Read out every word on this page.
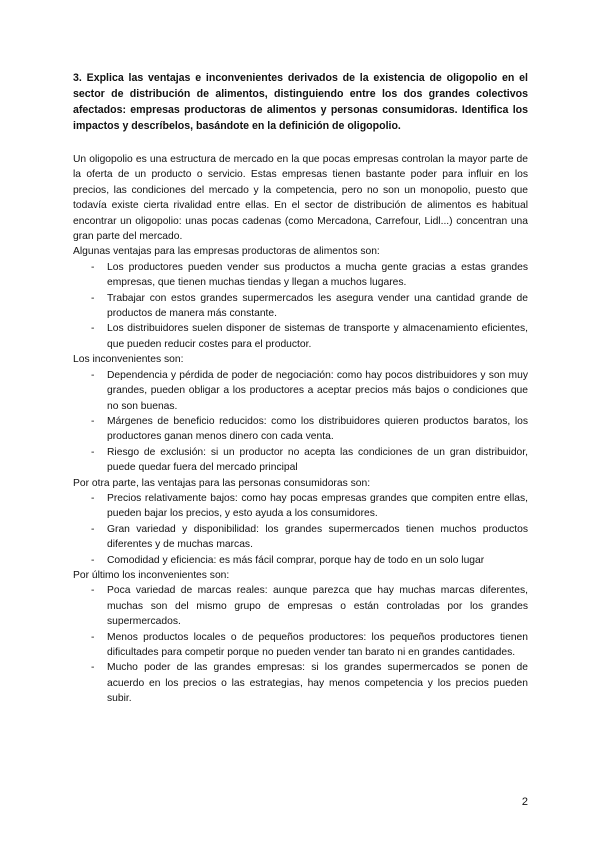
3. Explica las ventajas e inconvenientes derivados de la existencia de oligopolio en el sector de distribución de alimentos, distinguiendo entre los dos grandes colectivos afectados: empresas productoras de alimentos y personas consumidoras. Identifica los impactos y descríbelos, basándote en la definición de oligopolio.

Un oligopolio es una estructura de mercado en la que pocas empresas controlan la mayor parte de la oferta de un producto o servicio. Estas empresas tienen bastante poder para influir en los precios, las condiciones del mercado y la competencia, pero no son un monopolio, puesto que todavía existe cierta rivalidad entre ellas. En el sector de distribución de alimentos es habitual encontrar un oligopolio: unas pocas cadenas (como Mercadona, Carrefour, Lidl...) concentran una gran parte del mercado.

Algunas ventajas para las empresas productoras de alimentos son:

- Los productores pueden vender sus productos a mucha gente gracias a estas grandes empresas, que tienen muchas tiendas y llegan a muchos lugares.
- Trabajar con estos grandes supermercados les asegura vender una cantidad grande de productos de manera más constante.
- Los distribuidores suelen disponer de sistemas de transporte y almacenamiento eficientes, que pueden reducir costes para el productor.

Los inconvenientes son:

- Dependencia y pérdida de poder de negociación: como hay pocos distribuidores y son muy grandes, pueden obligar a los productores a aceptar precios más bajos o condiciones que no son buenas.
- Márgenes de beneficio reducidos: como los distribuidores quieren productos baratos, los productores ganan menos dinero con cada venta.
- Riesgo de exclusión: si un productor no acepta las condiciones de un gran distribuidor, puede quedar fuera del mercado principal

Por otra parte, las ventajas para las personas consumidoras son:

- Precios relativamente bajos: como hay pocas empresas grandes que compiten entre ellas, pueden bajar los precios, y esto ayuda a los consumidores.
- Gran variedad y disponibilidad: los grandes supermercados tienen muchos productos diferentes y de muchas marcas.
- Comodidad y eficiencia: es más fácil comprar, porque hay de todo en un solo lugar

Por último los inconvenientes son:

- Poca variedad de marcas reales: aunque parezca que hay muchas marcas diferentes, muchas son del mismo grupo de empresas o están controladas por los grandes supermercados.
- Menos productos locales o de pequeños productores: los pequeños productores tienen dificultades para competir porque no pueden vender tan barato ni en grandes cantidades.
- Mucho poder de las grandes empresas: si los grandes supermercados se ponen de acuerdo en los precios o las estrategias, hay menos competencia y los precios pueden subir.
2
